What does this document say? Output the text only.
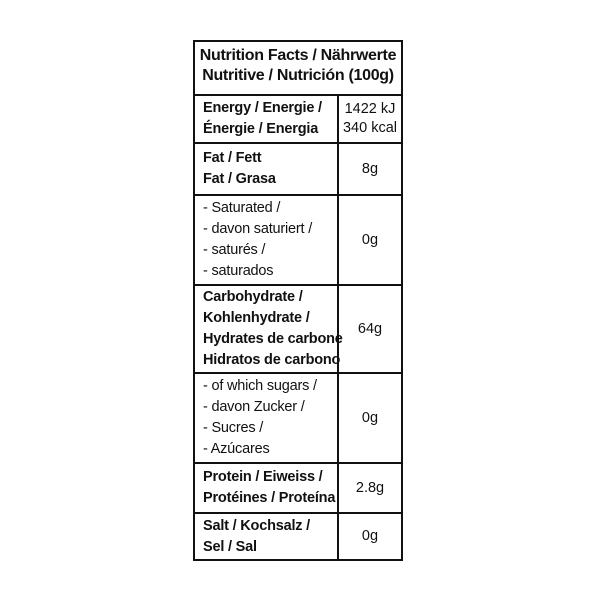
Nutrition Facts / Nährwerte
Nutritive / Nutrición (100g)
Energy / Energie /
Énergie / Energia
1422 kJ
340 kcal
Fat / Fett
Fat / Grasa
8g
- Saturated /
- davon saturiert /
- saturés /
- saturados
0g
Carbohydrate /
Kohlenhydrate /
Hydrates de carbone
Hidratos de carbono
64g
- of which sugars /
- davon Zucker /
- Sucres /
- Azúcares
0g
Protein / Eiweiss /
Protéines / Proteína
2.8g
Salt / Kochsalz /
Sel / Sal
0g
